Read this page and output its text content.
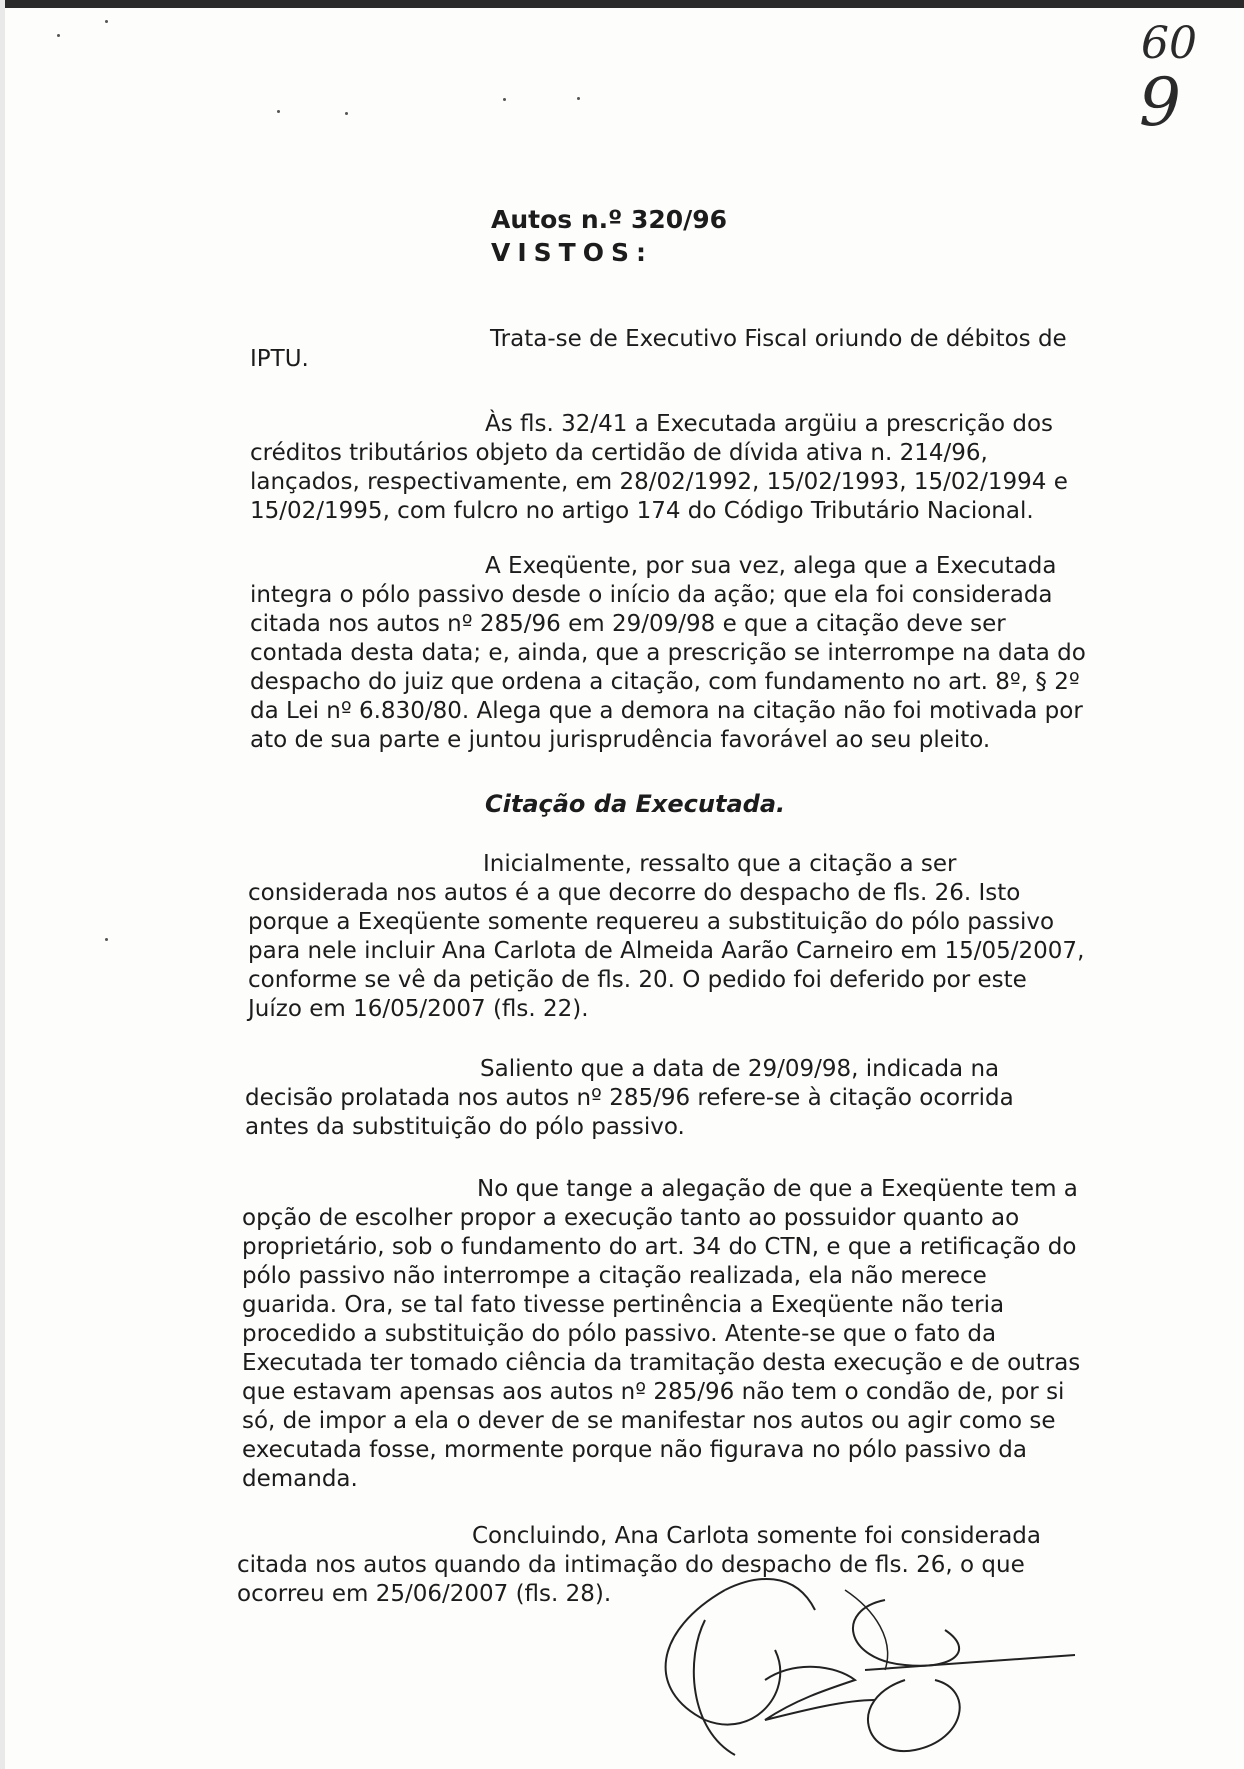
60
9
Autos n.º 320/96
VISTOS:
Trata-se de Executivo Fiscal oriundo de débitos de
IPTU.
Às fls. 32/41 a Executada argüiu a prescrição dos
créditos tributários objeto da certidão de dívida ativa n. 214/96,
lançados, respectivamente, em 28/02/1992, 15/02/1993, 15/02/1994 e
15/02/1995, com fulcro no artigo 174 do Código Tributário Nacional.
A Exeqüente, por sua vez, alega que a Executada
integra o pólo passivo desde o início da ação; que ela foi considerada
citada nos autos nº 285/96 em 29/09/98 e que a citação deve ser
contada desta data; e, ainda, que a prescrição se interrompe na data do
despacho do juiz que ordena a citação, com fundamento no art. 8º, § 2º
da Lei nº 6.830/80. Alega que a demora na citação não foi motivada por
ato de sua parte e juntou jurisprudência favorável ao seu pleito.
Citação da Executada.
Inicialmente, ressalto que a citação a ser
considerada nos autos é a que decorre do despacho de fls. 26. Isto
porque a Exeqüente somente requereu a substituição do pólo passivo
para nele incluir Ana Carlota de Almeida Aarão Carneiro em 15/05/2007,
conforme se vê da petição de fls. 20. O pedido foi deferido por este
Juízo em 16/05/2007 (fls. 22).
Saliento que a data de 29/09/98, indicada na
decisão prolatada nos autos nº 285/96 refere-se à citação ocorrida
antes da substituição do pólo passivo.
No que tange a alegação de que a Exeqüente tem a
opção de escolher propor a execução tanto ao possuidor quanto ao
proprietário, sob o fundamento do art. 34 do CTN, e que a retificação do
pólo passivo não interrompe a citação realizada, ela não merece
guarida. Ora, se tal fato tivesse pertinência a Exeqüente não teria
procedido a substituição do pólo passivo. Atente-se que o fato da
Executada ter tomado ciência da tramitação desta execução e de outras
que estavam apensas aos autos nº 285/96 não tem o condão de, por si
só, de impor a ela o dever de se manifestar nos autos ou agir como se
executada fosse, mormente porque não figurava no pólo passivo da
demanda.
Concluindo, Ana Carlota somente foi considerada
citada nos autos quando da intimação do despacho de fls. 26, o que
ocorreu em 25/06/2007 (fls. 28).
